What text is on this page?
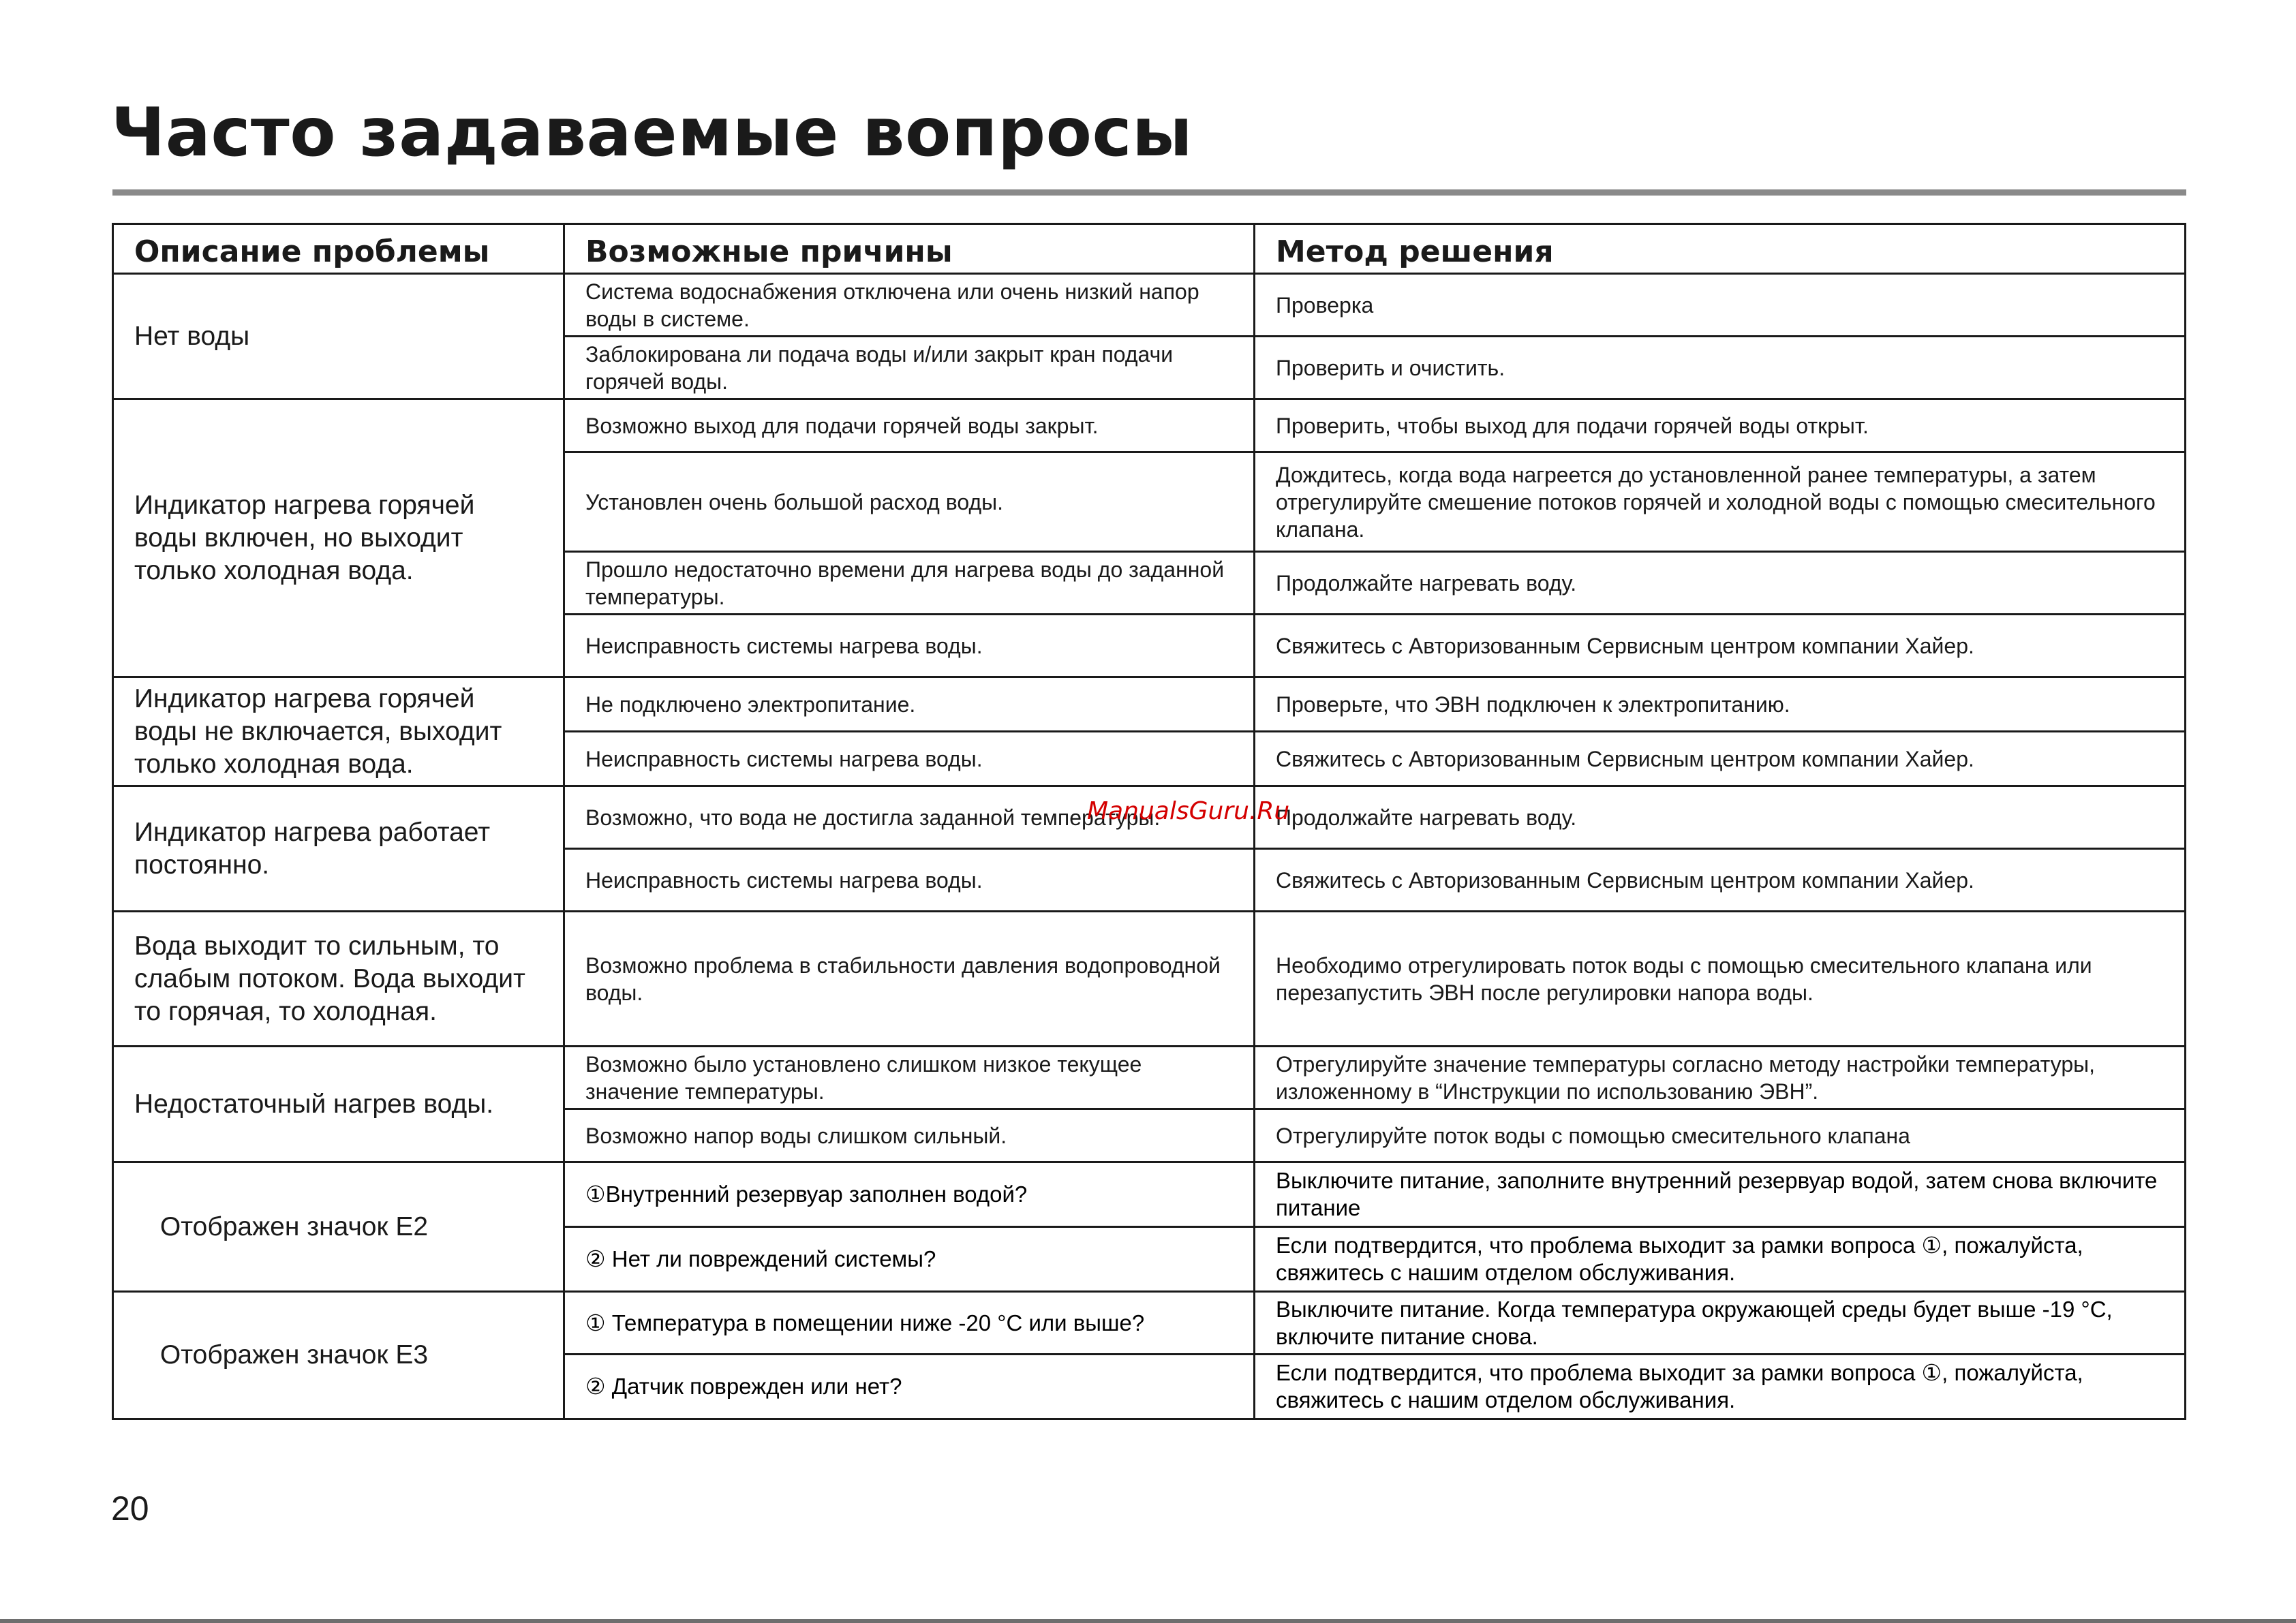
Часто задаваемые вопросы
Описание проблемы	Возможные причины	Метод решения
Нет воды	Система водоснабжения отключена или очень низкий напор воды в системе.	Проверка
	Заблокирована ли подача воды и/или закрыт кран подачи горячей воды.	Проверить и очистить.
Индикатор нагрева горячей воды включен, но выходит только холодная вода.	Возможно выход для подачи горячей воды закрыт.	Проверить, чтобы выход для подачи горячей воды открыт.
	Установлен очень большой расход воды.	Дождитесь, когда вода нагреется до установленной ранее температуры, а затем отрегулируйте смешение потоков горячей и холодной воды с помощью смесительного клапана.
	Прошло недостаточно времени для нагрева воды до заданной температуры.	Продолжайте нагревать воду.
	Неисправность системы нагрева воды.	Свяжитесь с Авторизованным Сервисным центром компании Хайер.
Индикатор нагрева горячей воды не включается, выходит только холодная вода.	Не подключено электропитание.	Проверьте, что ЭВН подключен к электропитанию.
	Неисправность системы нагрева воды.	Свяжитесь с Авторизованным Сервисным центром компании Хайер.
Индикатор нагрева работает постоянно.	Возможно, что вода не достигла заданной температуры.	Продолжайте нагревать воду.
	Неисправность системы нагрева воды.	Свяжитесь с Авторизованным Сервисным центром компании Хайер.
Вода выходит то сильным, то слабым потоком. Вода выходит то горячая, то холодная.	Возможно проблема в стабильности давления водопроводной воды.	Необходимо отрегулировать поток воды с помощью смесительного клапана или перезапустить ЭВН после регулировки напора воды.
Недостаточный нагрев воды.	Возможно было установлено слишком низкое текущее значение температуры.	Отрегулируйте значение температуры согласно методу настройки температуры, изложенному в “Инструкции по использованию ЭВН”.
	Возможно напор воды слишком сильный.	Отрегулируйте поток воды с помощью смесительного клапана
Отображен значок E2	①Внутренний резервуар заполнен водой?	Выключите питание, заполните внутренний резервуар водой, затем снова включите питание
	② Нет ли повреждений системы?	Если подтвердится, что проблема выходит за рамки вопроса ①, пожалуйста, свяжитесь с нашим отделом обслуживания.
Отображен значок E3	① Температура в помещении ниже -20 °C или выше?	Выключите питание. Когда температура окружающей среды будет выше -19 °C, включите питание снова.
	② Датчик поврежден или нет?	Если подтвердится, что проблема выходит за рамки вопроса ①, пожалуйста, свяжитесь с нашим отделом обслуживания.
ManualsGuru.Ru
20
